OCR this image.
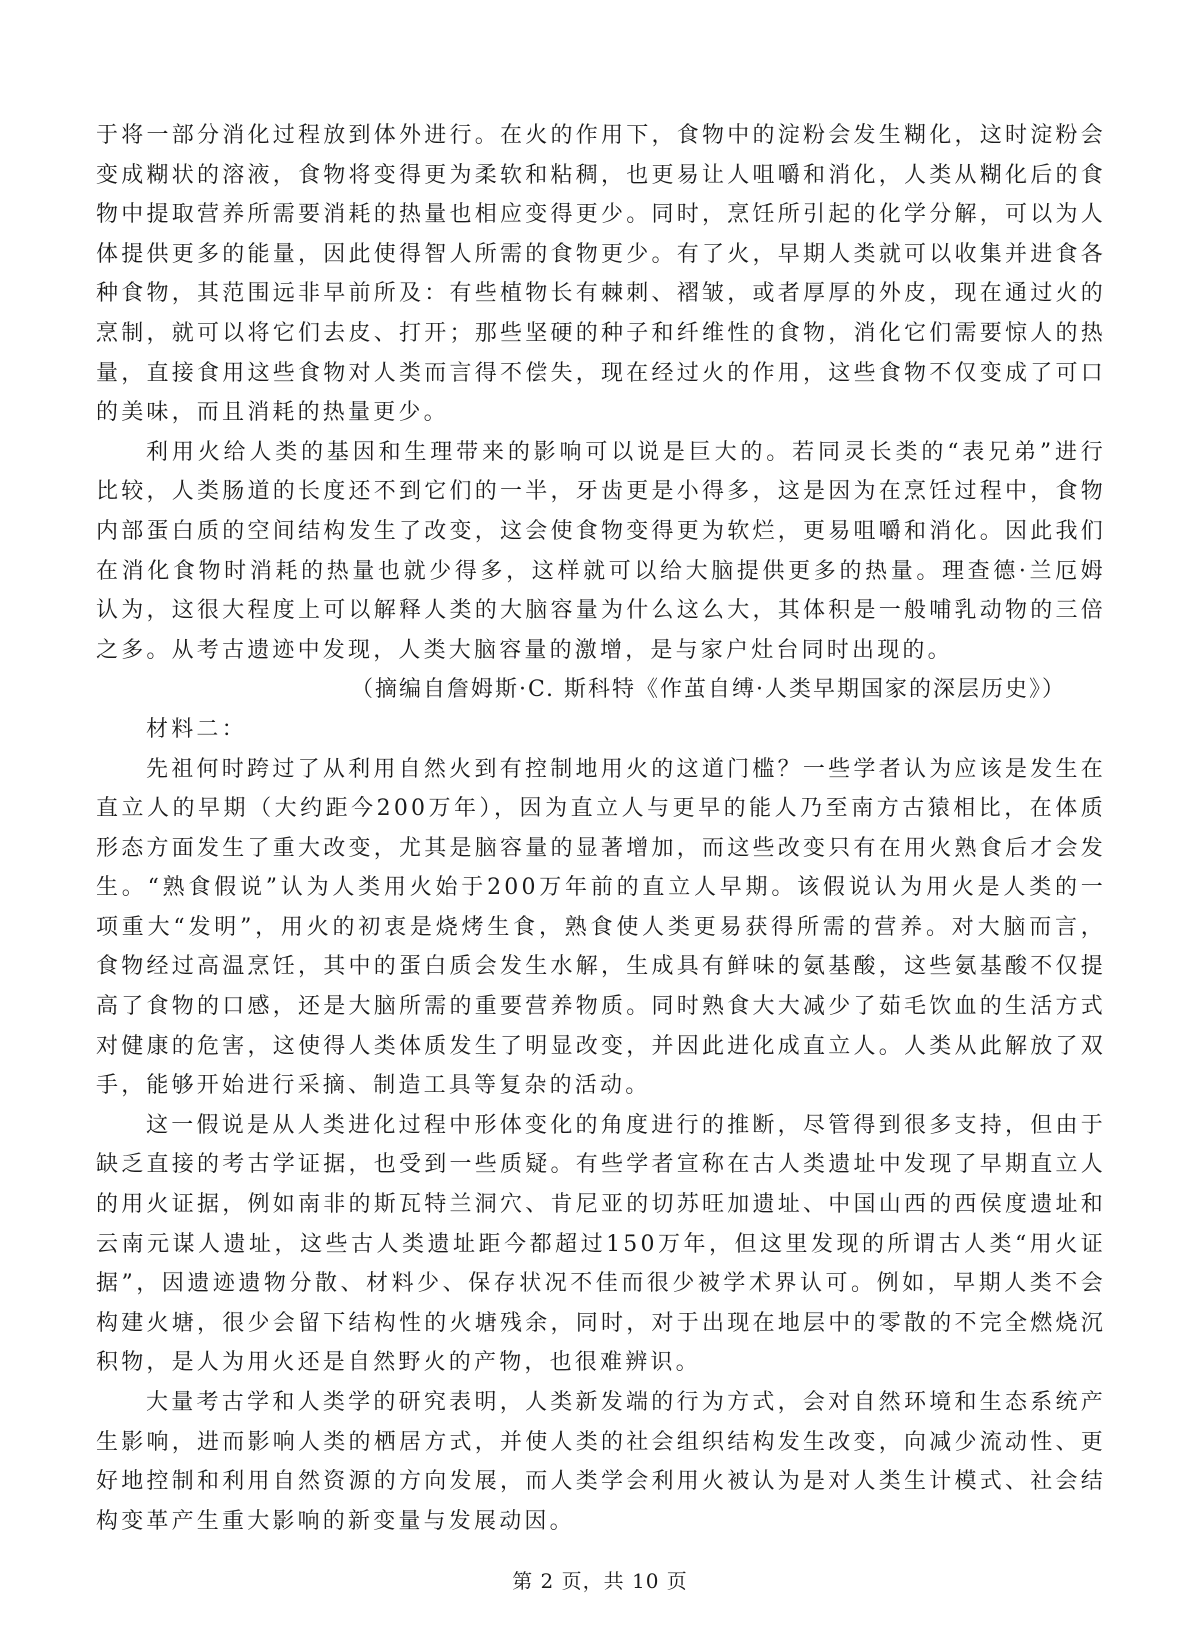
于将一部分消化过程放到体外进行。在火的作用下，食物中的淀粉会发生糊化，这时淀粉会变成糊状的溶液，食物将变得更为柔软和粘稠，也更易让人咀嚼和消化，人类从糊化后的食物中提取营养所需要消耗的热量也相应变得更少。同时，烹饪所引起的化学分解，可以为人体提供更多的能量，因此使得智人所需的食物更少。有了火，早期人类就可以收集并进食各种食物，其范围远非早前所及：有些植物长有棘刺、褶皱，或者厚厚的外皮，现在通过火的烹制，就可以将它们去皮、打开；那些坚硬的种子和纤维性的食物，消化它们需要惊人的热量，直接食用这些食物对人类而言得不偿失，现在经过火的作用，这些食物不仅变成了可口的美味，而且消耗的热量更少。

利用火给人类的基因和生理带来的影响可以说是巨大的。若同灵长类的“表兄弟”进行比较，人类肠道的长度还不到它们的一半，牙齿更是小得多，这是因为在烹饪过程中，食物内部蛋白质的空间结构发生了改变，这会使食物变得更为软烂，更易咀嚼和消化。因此我们在消化食物时消耗的热量也就少得多，这样就可以给大脑提供更多的热量。理查德·兰厄姆认为，这很大程度上可以解释人类的大脑容量为什么这么大，其体积是一般哺乳动物的三倍之多。从考古遗迹中发现，人类大脑容量的激增，是与家户灶台同时出现的。

（摘编自詹姆斯·C. 斯科特《作茧自缚·人类早期国家的深层历史》）

材料二：

先祖何时跨过了从利用自然火到有控制地用火的这道门槛？一些学者认为应该是发生在直立人的早期（大约距今200万年），因为直立人与更早的能人乃至南方古猿相比，在体质形态方面发生了重大改变，尤其是脑容量的显著增加，而这些改变只有在用火熟食后才会发生。“熟食假说”认为人类用火始于200万年前的直立人早期。该假说认为用火是人类的一项重大“发明”，用火的初衷是烧烤生食，熟食使人类更易获得所需的营养。对大脑而言，食物经过高温烹饪，其中的蛋白质会发生水解，生成具有鲜味的氨基酸，这些氨基酸不仅提高了食物的口感，还是大脑所需的重要营养物质。同时熟食大大减少了茹毛饮血的生活方式对健康的危害，这使得人类体质发生了明显改变，并因此进化成直立人。人类从此解放了双手，能够开始进行采摘、制造工具等复杂的活动。

这一假说是从人类进化过程中形体变化的角度进行的推断，尽管得到很多支持，但由于缺乏直接的考古学证据，也受到一些质疑。有些学者宣称在古人类遗址中发现了早期直立人的用火证据，例如南非的斯瓦特兰洞穴、肯尼亚的切苏旺加遗址、中国山西的西侯度遗址和云南元谋人遗址，这些古人类遗址距今都超过150万年，但这里发现的所谓古人类“用火证据”，因遗迹遗物分散、材料少、保存状况不佳而很少被学术界认可。例如，早期人类不会构建火塘，很少会留下结构性的火塘残余，同时，对于出现在地层中的零散的不完全燃烧沉积物，是人为用火还是自然野火的产物，也很难辨识。

大量考古学和人类学的研究表明，人类新发端的行为方式，会对自然环境和生态系统产生影响，进而影响人类的栖居方式，并使人类的社会组织结构发生改变，向减少流动性、更好地控制和利用自然资源的方向发展，而人类学会利用火被认为是对人类生计模式、社会结构变革产生重大影响的新变量与发展动因。

第 2 页，共 10 页
